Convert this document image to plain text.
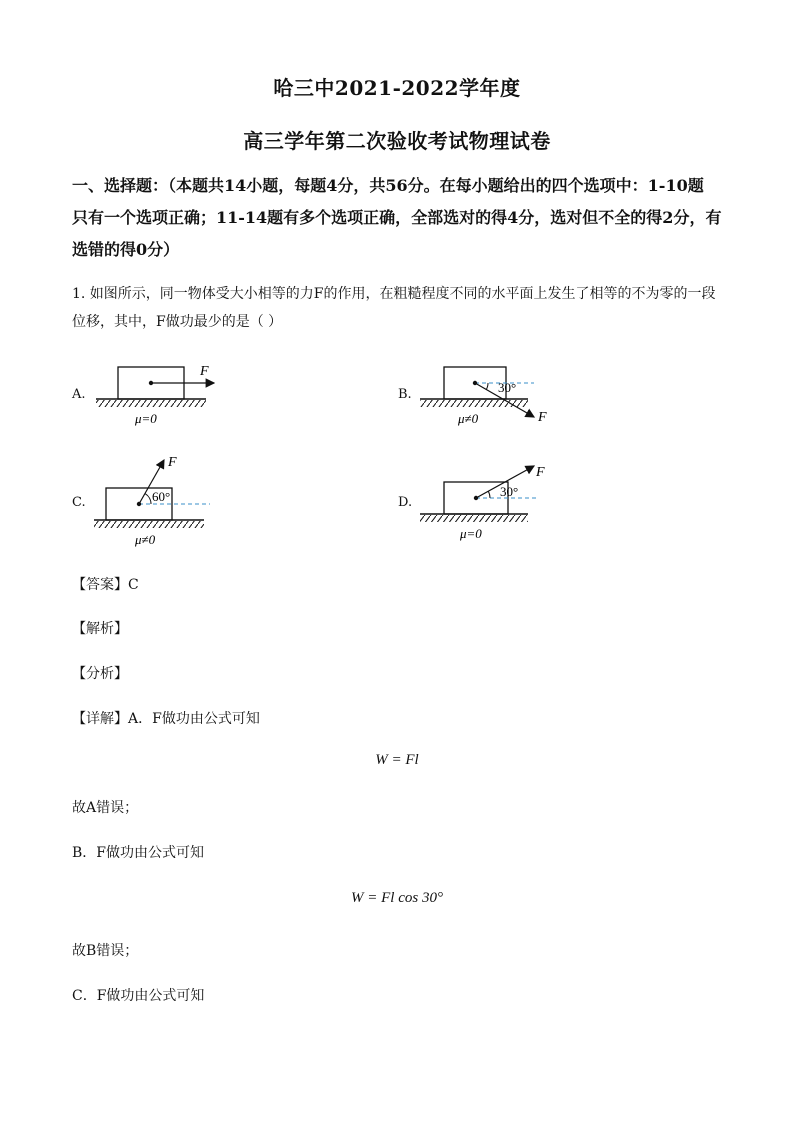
哈三中2021-2022学年度
高三学年第二次验收考试物理试卷
一、选择题：（本题共14小题，每题4分，共56分。在每小题给出的四个选项中：1-10题
只有一个选项正确；11-14题有多个选项正确，全部选对的得4分，选对但不全的得2分，有
选错的得0分）
1. 如图所示，同一物体受大小相等的力F的作用，在粗糙程度不同的水平面上发生了相等的不为零的一段
位移，其中，F做功最少的是（ ）
A.
F
μ=0
B.	30°
F
μ≠0
C.	60°
F
μ≠0
D.
30°
F
μ=0
【答案】C
【解析】
【分析】
【详解】A．F做功由公式可知
W = Fl
故A错误；
B．F做功由公式可知
W = Fl cos 30°
故B错误；
C．F做功由公式可知
